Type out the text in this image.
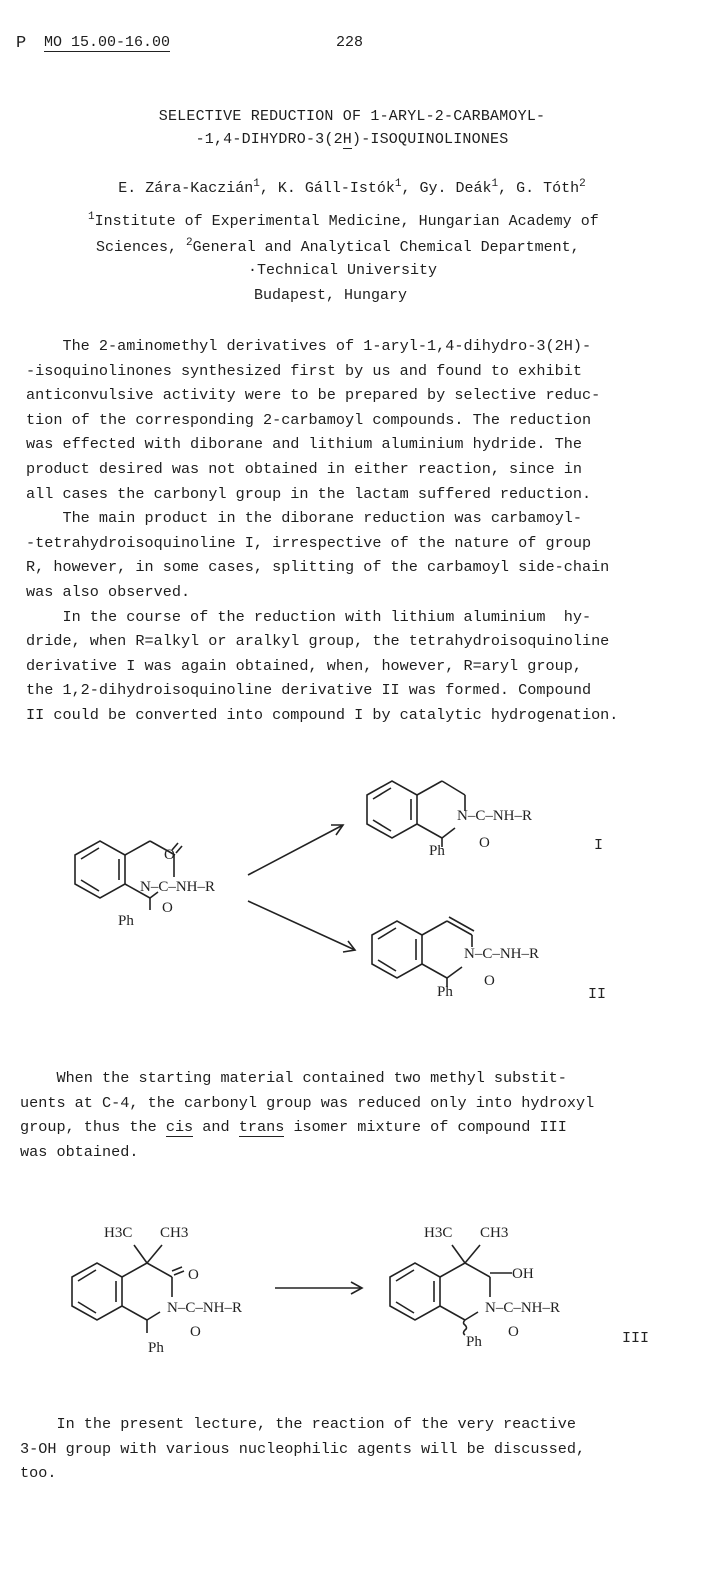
P MO 15.00-16.00	228
SELECTIVE REDUCTION OF 1-ARYL-2-CARBAMOYL-
-1,4-DIHYDRO-3(2H)-ISOQUINOLINONES
E. Zára-Kaczián$^1$, K. Gáll-Istók$^1$, Gy. Deák$^1$, G. Tóth$^2$
$^1$Institute of Experimental Medicine, Hungarian Academy of
Sciences, $^2$General and Analytical Chemical Department,
·Technical University
Budapest, Hungary

The 2-aminomethyl derivatives of 1-aryl-1,4-dihydro-3(2H)-

-isoquinolinones synthesized first by us and found to exhibit

anticonvulsive activity were to be prepared by selective reduc-

tion of the corresponding 2-carbamoyl compounds. The reduction

was effected with diborane and lithium aluminium hydride. The

product desired was not obtained in either reaction, since in

all cases the carbonyl group in the lactam suffered reduction.

The main product in the diborane reduction was carbamoyl-

-tetrahydroisoquinoline I, irrespective of the nature of group

R, however, in some cases, splitting of the carbamoyl side-chain

was also observed.

In the course of the reduction with lithium aluminium  hy-

dride, when R=alkyl or aralkyl group, the tetrahydroisoquinoline

derivative I was again obtained, when, however, R=aryl group,

the 1,2-dihydroisoquinoline derivative II was formed. Compound

II could be converted into compound I by catalytic hydrogenation.

O
N–C–NH–R
O
Ph
N–C–NH–R
O
Ph	I
N–C–NH–R
O
Ph	II

When the starting material contained two methyl substit-

uents at C-4, the carbonyl group was reduced only into hydroxyl

group, thus the cis and trans isomer mixture of compound III

was obtained.

H3C CH3
O
N–C–NH–R
O
Ph
H3C CH3
OH
N–C–NH–R
O
Ph	III

In the present lecture, the reaction of the very reactive

3-OH group with various nucleophilic agents will be discussed,

too.
